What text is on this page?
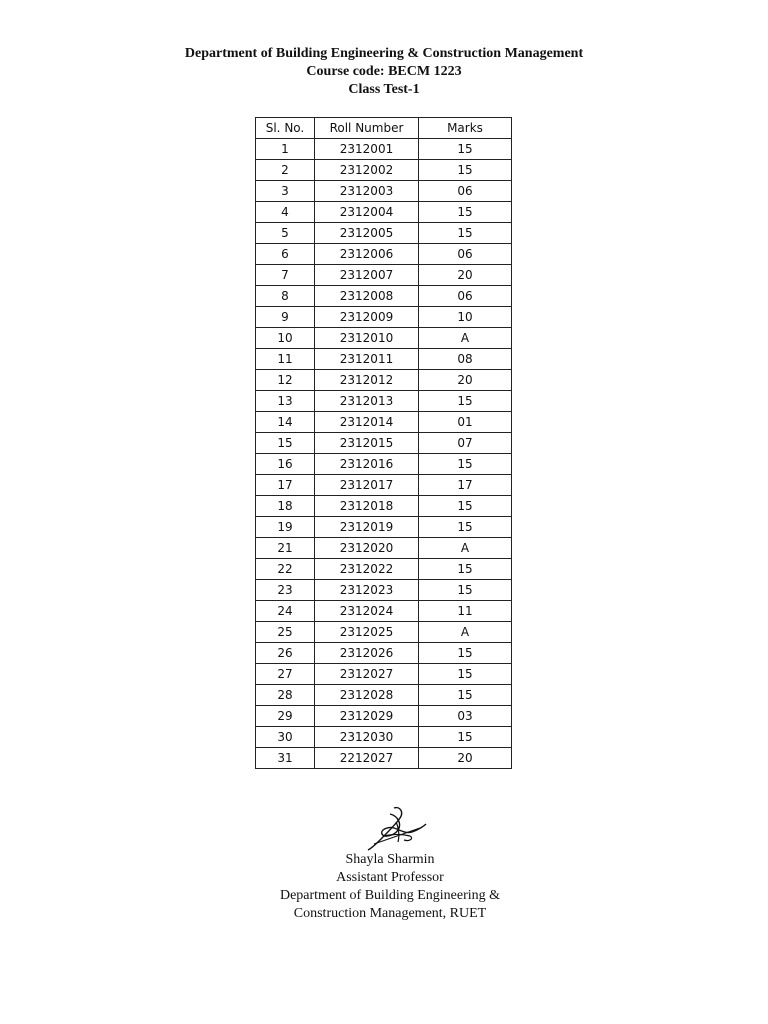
Department of Building Engineering & Construction Management
Course code: BECM 1223
Class Test-1
Sl. No.	Roll Number	Marks
1	2312001	15
2	2312002	15
3	2312003	06
4	2312004	15
5	2312005	15
6	2312006	06
7	2312007	20
8	2312008	06
9	2312009	10
10	2312010	A
11	2312011	08
12	2312012	20
13	2312013	15
14	2312014	01
15	2312015	07
16	2312016	15
17	2312017	17
18	2312018	15
19	2312019	15
21	2312020	A
22	2312022	15
23	2312023	15
24	2312024	11
25	2312025	A
26	2312026	15
27	2312027	15
28	2312028	15
29	2312029	03
30	2312030	15
31	2212027	20
Shayla Sharmin
Assistant Professor
Department of Building Engineering &
Construction Management, RUET
